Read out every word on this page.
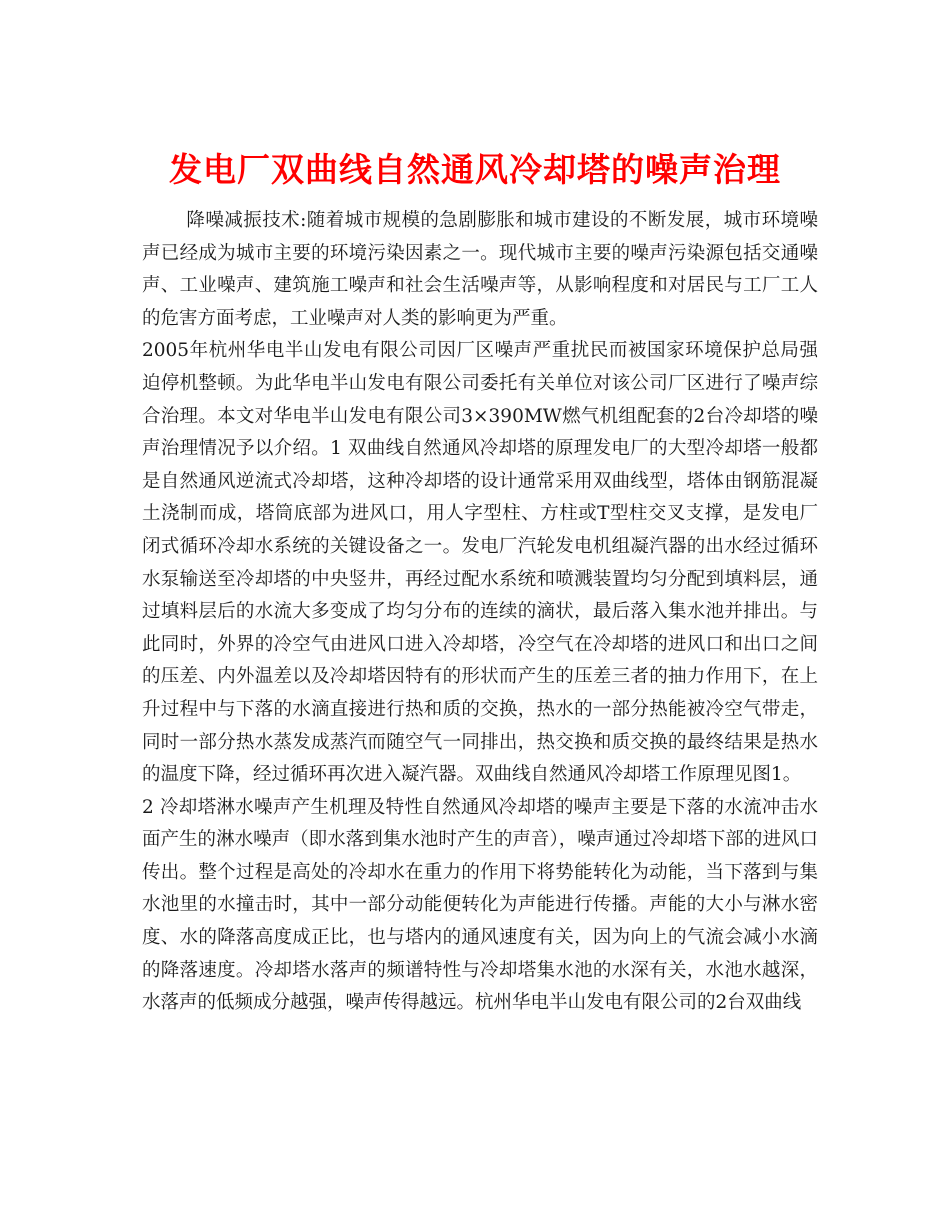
发电厂双曲线自然通风冷却塔的噪声治理

降噪减振技术:随着城市规模的急剧膨胀和城市建设的不断发展，城市环境噪声已经成为城市主要的环境污染因素之一。现代城市主要的噪声污染源包括交通噪声、工业噪声、建筑施工噪声和社会生活噪声等，从影响程度和对居民与工厂工人的危害方面考虑，工业噪声对人类的影响更为严重。

2005年杭州华电半山发电有限公司因厂区噪声严重扰民而被国家环境保护总局强迫停机整顿。为此华电半山发电有限公司委托有关单位对该公司厂区进行了噪声综合治理。本文对华电半山发电有限公司3×390MW燃气机组配套的2台冷却塔的噪声治理情况予以介绍。1 双曲线自然通风冷却塔的原理发电厂的大型冷却塔一般都是自然通风逆流式冷却塔，这种冷却塔的设计通常采用双曲线型，塔体由钢筋混凝土浇制而成，塔筒底部为进风口，用人字型柱、方柱或T型柱交叉支撑，是发电厂闭式循环冷却水系统的关键设备之一。发电厂汽轮发电机组凝汽器的出水经过循环水泵输送至冷却塔的中央竖井，再经过配水系统和喷溅装置均匀分配到填料层，通过填料层后的水流大多变成了均匀分布的连续的滴状，最后落入集水池并排出。与此同时，外界的冷空气由进风口进入冷却塔，冷空气在冷却塔的进风口和出口之间的压差、内外温差以及冷却塔因特有的形状而产生的压差三者的抽力作用下，在上升过程中与下落的水滴直接进行热和质的交换，热水的一部分热能被冷空气带走，同时一部分热水蒸发成蒸汽而随空气一同排出，热交换和质交换的最终结果是热水的温度下降，经过循环再次进入凝汽器。双曲线自然通风冷却塔工作原理见图1。

2 冷却塔淋水噪声产生机理及特性自然通风冷却塔的噪声主要是下落的水流冲击水面产生的淋水噪声（即水落到集水池时产生的声音），噪声通过冷却塔下部的进风口传出。整个过程是高处的冷却水在重力的作用下将势能转化为动能，当下落到与集水池里的水撞击时，其中一部分动能便转化为声能进行传播。声能的大小与淋水密度、水的降落高度成正比，也与塔内的通风速度有关，因为向上的气流会减小水滴的降落速度。冷却塔水落声的频谱特性与冷却塔集水池的水深有关，水池水越深，水落声的低频成分越强，噪声传得越远。杭州华电半山发电有限公司的2台双曲线
